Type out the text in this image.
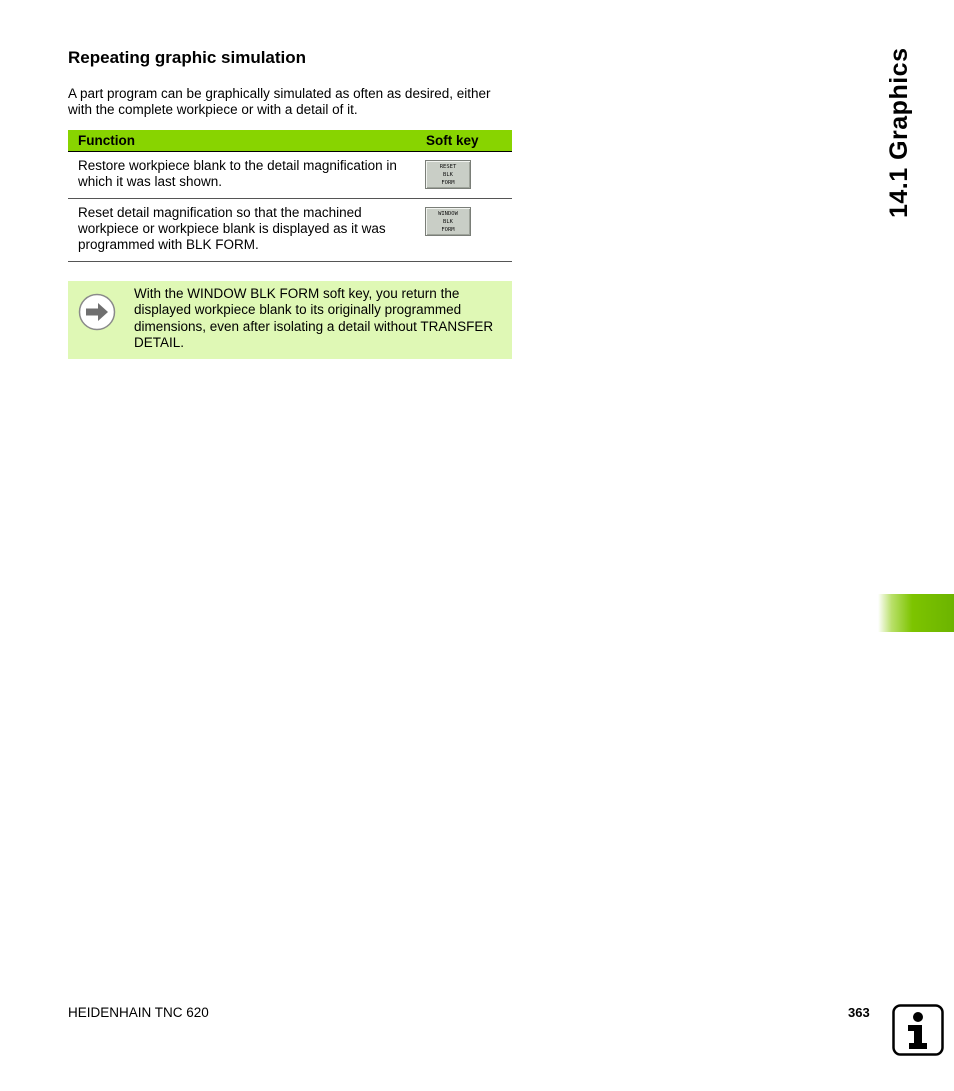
Repeating graphic simulation

A part program can be graphically simulated as often as desired, either with the complete workpiece or with a detail of it.

Function	Soft key
Restore workpiece blank to the detail magnification in which it was last shown.	RESET
BLK
FORM

Reset detail magnification so that the machined workpiece or workpiece blank is displayed as it was programmed with BLK FORM.	WINDOW
BLK
FORM
With the WINDOW BLK FORM soft key, you return the displayed workpiece blank to its originally programmed dimensions, even after isolating a detail without TRANSFER DETAIL.
14.1 Graphics
HEIDENHAIN TNC 620	363
